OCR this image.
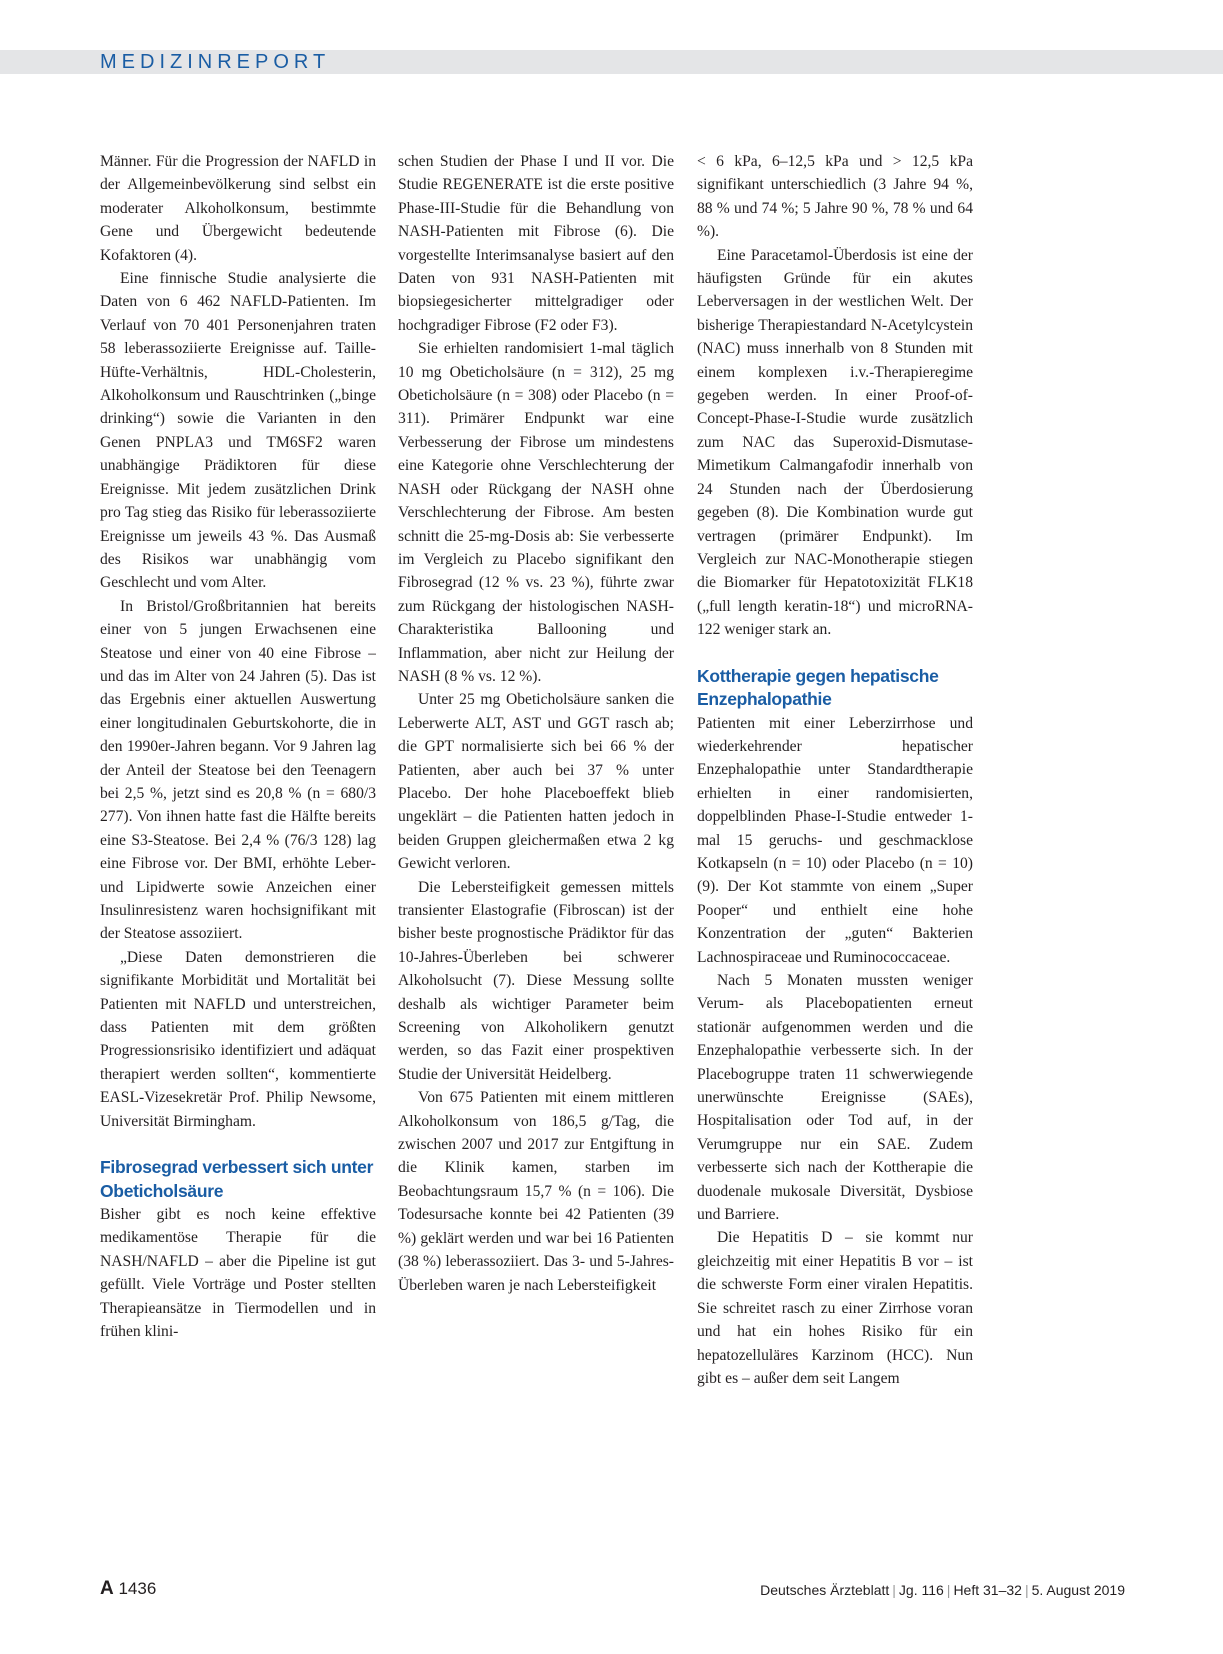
MEDIZINREPORT

Männer. Für die Progression der NAFLD in der Allgemeinbevölkerung sind selbst ein moderater Alkoholkonsum, bestimmte Gene und Übergewicht bedeutende Kofaktoren (4).

Eine finnische Studie analysierte die Daten von 6 462 NAFLD-Patienten. Im Verlauf von 70 401 Personenjahren traten 58 leberassoziierte Ereignisse auf. Taille-Hüfte-Verhältnis, HDL-Cholesterin, Alkoholkonsum und Rauschtrinken („binge drinking“) sowie die Varianten in den Genen PNPLA3 und TM6SF2 waren unabhängige Prädiktoren für diese Ereignisse. Mit jedem zusätzlichen Drink pro Tag stieg das Risiko für leberassoziierte Ereignisse um jeweils 43 %. Das Ausmaß des Risikos war unabhängig vom Geschlecht und vom Alter.

In Bristol/Großbritannien hat bereits einer von 5 jungen Erwachsenen eine Steatose und einer von 40 eine Fibrose – und das im Alter von 24 Jahren (5). Das ist das Ergebnis einer aktuellen Auswertung einer longitudinalen Geburtskohorte, die in den 1990er-Jahren begann. Vor 9 Jahren lag der Anteil der Steatose bei den Teenagern bei 2,5 %, jetzt sind es 20,8 % (n = 680/3 277). Von ihnen hatte fast die Hälfte bereits eine S3-Steatose. Bei 2,4 % (76/3 128) lag eine Fibrose vor. Der BMI, erhöhte Leber- und Lipidwerte sowie Anzeichen einer Insulinresistenz waren hochsignifikant mit der Steatose assoziiert.

„Diese Daten demonstrieren die signifikante Morbidität und Mortalität bei Patienten mit NAFLD und unterstreichen, dass Patienten mit dem größten Progressionsrisiko identifiziert und adäquat therapiert werden sollten“, kommentierte EASL-Vizesekretär Prof. Philip Newsome, Universität Birmingham.

Fibrosegrad verbessert sich unter Obeticholsäure

Bisher gibt es noch keine effektive medikamentöse Therapie für die NASH/NAFLD – aber die Pipeline ist gut gefüllt. Viele Vorträge und Poster stellten Therapieansätze in Tiermodellen und in frühen klini-

schen Studien der Phase I und II vor. Die Studie REGENERATE ist die erste positive Phase-III-Studie für die Behandlung von NASH-Patienten mit Fibrose (6). Die vorgestellte Interimsanalyse basiert auf den Daten von 931 NASH-Patienten mit biopsiegesicherter mittelgradiger oder hochgradiger Fibrose (F2 oder F3).

Sie erhielten randomisiert 1-mal täglich 10 mg Obeticholsäure (n = 312), 25 mg Obeticholsäure (n = 308) oder Placebo (n = 311). Primärer Endpunkt war eine Verbesserung der Fibrose um mindestens eine Kategorie ohne Verschlechterung der NASH oder Rückgang der NASH ohne Verschlechterung der Fibrose. Am besten schnitt die 25-mg-Dosis ab: Sie verbesserte im Vergleich zu Placebo signifikant den Fibrosegrad (12 % vs. 23 %), führte zwar zum Rückgang der histologischen NASH-Charakteristika Ballooning und Inflammation, aber nicht zur Heilung der NASH (8 % vs. 12 %).

Unter 25 mg Obeticholsäure sanken die Leberwerte ALT, AST und GGT rasch ab; die GPT normalisierte sich bei 66 % der Patienten, aber auch bei 37 % unter Placebo. Der hohe Placeboeffekt blieb ungeklärt – die Patienten hatten jedoch in beiden Gruppen gleichermaßen etwa 2 kg Gewicht verloren.

Die Lebersteifigkeit gemessen mittels transienter Elastografie (Fibroscan) ist der bisher beste prognostische Prädiktor für das 10-Jahres-Überleben bei schwerer Alkoholsucht (7). Diese Messung sollte deshalb als wichtiger Parameter beim Screening von Alkoholikern genutzt werden, so das Fazit einer prospektiven Studie der Universität Heidelberg.

Von 675 Patienten mit einem mittleren Alkoholkonsum von 186,5 g/Tag, die zwischen 2007 und 2017 zur Entgiftung in die Klinik kamen, starben im Beobachtungsraum 15,7 % (n = 106). Die Todesursache konnte bei 42 Patienten (39 %) geklärt werden und war bei 16 Patienten (38 %) leberassoziiert. Das 3- und 5-Jahres-Überleben waren je nach Lebersteifigkeit

< 6 kPa, 6–12,5 kPa und > 12,5 kPa signifikant unterschiedlich (3 Jahre 94 %, 88 % und 74 %; 5 Jahre 90 %, 78 % und 64 %).

Eine Paracetamol-Überdosis ist eine der häufigsten Gründe für ein akutes Leberversagen in der westlichen Welt. Der bisherige Therapiestandard N-Acetylcystein (NAC) muss innerhalb von 8 Stunden mit einem komplexen i.v.-Therapieregime gegeben werden. In einer Proof-of-Concept-Phase-I-Studie wurde zusätzlich zum NAC das Superoxid-Dismutase-Mimetikum Calmangafodir innerhalb von 24 Stunden nach der Überdosierung gegeben (8). Die Kombination wurde gut vertragen (primärer Endpunkt). Im Vergleich zur NAC-Monotherapie stiegen die Biomarker für Hepatotoxizität FLK18 („full length keratin-18“) und microRNA-122 weniger stark an.

Kottherapie gegen hepatische Enzephalopathie

Patienten mit einer Leberzirrhose und wiederkehrender hepatischer Enzephalopathie unter Standardtherapie erhielten in einer randomisierten, doppelblinden Phase-I-Studie entweder 1-mal 15 geruchs- und geschmacklose Kotkapseln (n = 10) oder Placebo (n = 10) (9). Der Kot stammte von einem „Super Pooper“ und enthielt eine hohe Konzentration der „guten“ Bakterien Lachnospiraceae und Ruminococcaceae.

Nach 5 Monaten mussten weniger Verum- als Placebopatienten erneut stationär aufgenommen werden und die Enzephalopathie verbesserte sich. In der Placebogruppe traten 11 schwerwiegende unerwünschte Ereignisse (SAEs), Hospitalisation oder Tod auf, in der Verumgruppe nur ein SAE. Zudem verbesserte sich nach der Kottherapie die duodenale mukosale Diversität, Dysbiose und Barriere.

Die Hepatitis D – sie kommt nur gleichzeitig mit einer Hepatitis B vor – ist die schwerste Form einer viralen Hepatitis. Sie schreitet rasch zu einer Zirrhose voran und hat ein hohes Risiko für ein hepatozelluläres Karzinom (HCC). Nun gibt es – außer dem seit Langem

A 1436	Deutsches Ärzteblatt | Jg. 116 | Heft 31–32 | 5. August 2019
